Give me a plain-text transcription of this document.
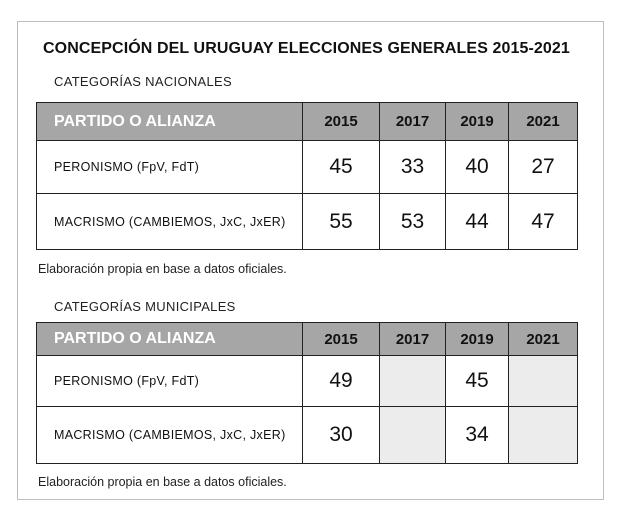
CONCEPCIÓN DEL URUGUAY ELECCIONES GENERALES 2015-2021
CATEGORÍAS NACIONALES
PARTIDO O ALIANZA	2015	2017	2019	2021
PERONISMO (FpV, FdT)	45	33	40	27
MACRISMO (CAMBIEMOS, JxC, JxER)	55	53	44	47
Elaboración propia en base a datos oficiales.
CATEGORÍAS MUNICIPALES
PARTIDO O ALIANZA	2015	2017	2019	2021
PERONISMO (FpV, FdT)	49		45	
MACRISMO (CAMBIEMOS, JxC, JxER)	30		34	
Elaboración propia en base a datos oficiales.
